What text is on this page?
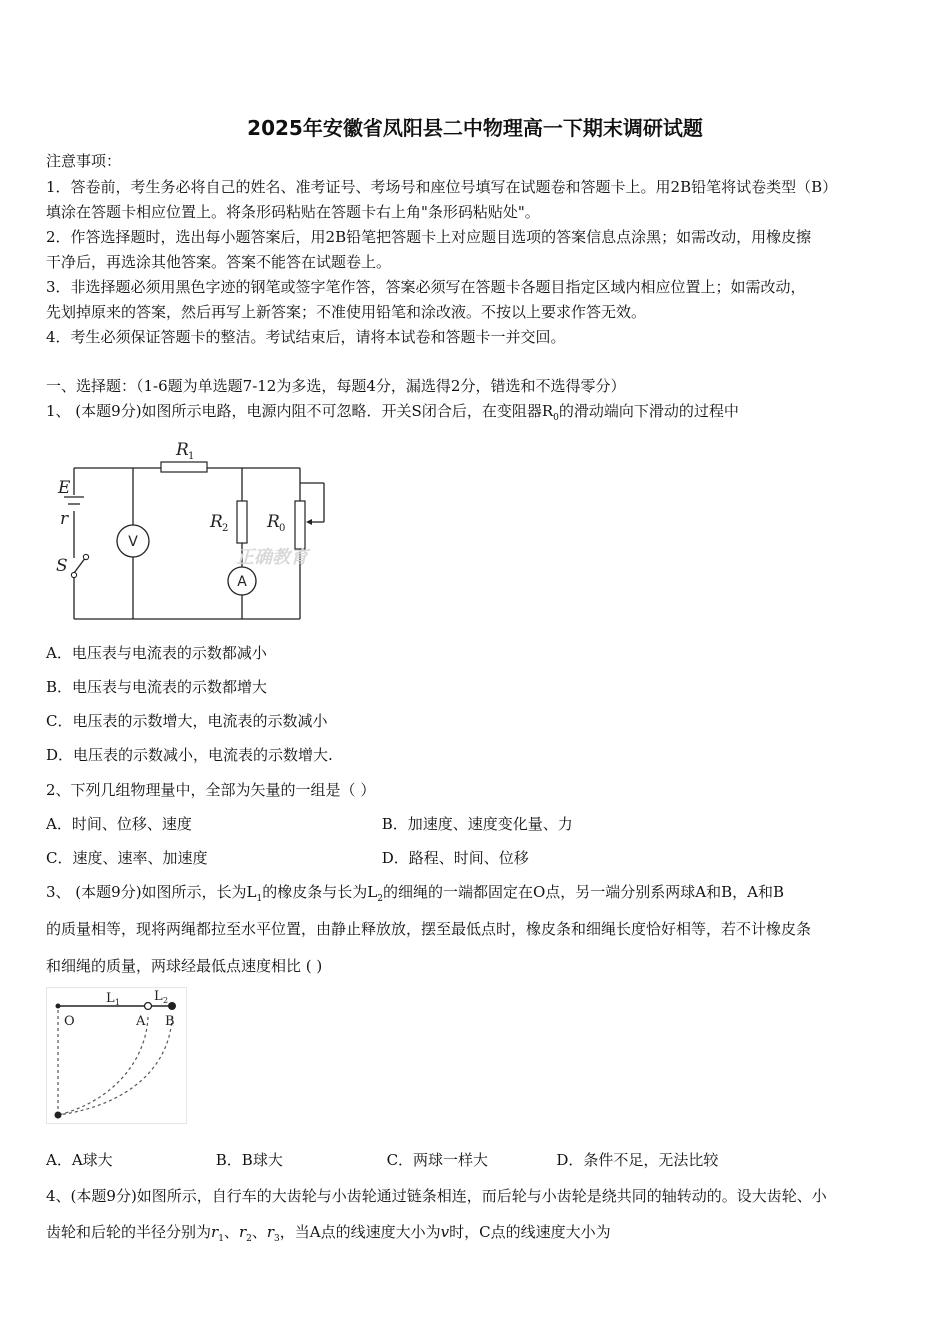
2025年安徽省凤阳县二中物理高一下期末调研试题
注意事项：
1．答卷前，考生务必将自己的姓名、准考证号、考场号和座位号填写在试题卷和答题卡上。用2B铅笔将试卷类型（B）
填涂在答题卡相应位置上。将条形码粘贴在答题卡右上角"条形码粘贴处"。
2．作答选择题时，选出每小题答案后，用2B铅笔把答题卡上对应题目选项的答案信息点涂黑；如需改动，用橡皮擦
干净后，再选涂其他答案。答案不能答在试题卷上。
3．非选择题必须用黑色字迹的钢笔或签字笔作答，答案必须写在答题卡各题目指定区域内相应位置上；如需改动，
先划掉原来的答案，然后再写上新答案；不准使用铅笔和涂改液。不按以上要求作答无效。
4．考生必须保证答题卡的整洁。考试结束后，请将本试卷和答题卡一并交回。
一、选择题：（1-6题为单选题7-12为多选，每题4分，漏选得2分，错选和不选得零分）
1、 (本题9分)如图所示电路，电源内阻不可忽略．开关S闭合后，在变阻器$R_0$的滑动端向下滑动的过程中
正确教育
E
r
S
R
R	R
1
2	0
V
A
A．电压表与电流表的示数都减小
B．电压表与电流表的示数都增大
C．电压表的示数增大，电流表的示数减小
D．电压表的示数减小，电流表的示数增大.
2、下列几组物理量中，全部为矢量的一组是（ ）
A．时间、位移、速度	B．加速度、速度变化量、力
C．速度、速率、加速度	D．路程、时间、位移
3、 (本题9分)如图所示，长为$L_1$的橡皮条与长为$L_2$的细绳的一端都固定在O点，另一端分别系两球A和B，A和B
的质量相等，现将两绳都拉至水平位置，由静止释放放，摆至最低点时，橡皮条和细绳长度恰好相等，若不计橡皮条
和细绳的质量，两球经最低点速度相比 ( )
O	A B
L	L
1	2
A．A球大	B．B球大	C．两球一样大	D．条件不足，无法比较
4、(本题9分)如图所示，自行车的大齿轮与小齿轮通过链条相连，而后轮与小齿轮是绕共同的轴转动的。设大齿轮、小
齿轮和后轮的半径分别为$r_1$、$r_2$、$r_3$，当A点的线速度大小为v时，C点的线速度大小为
